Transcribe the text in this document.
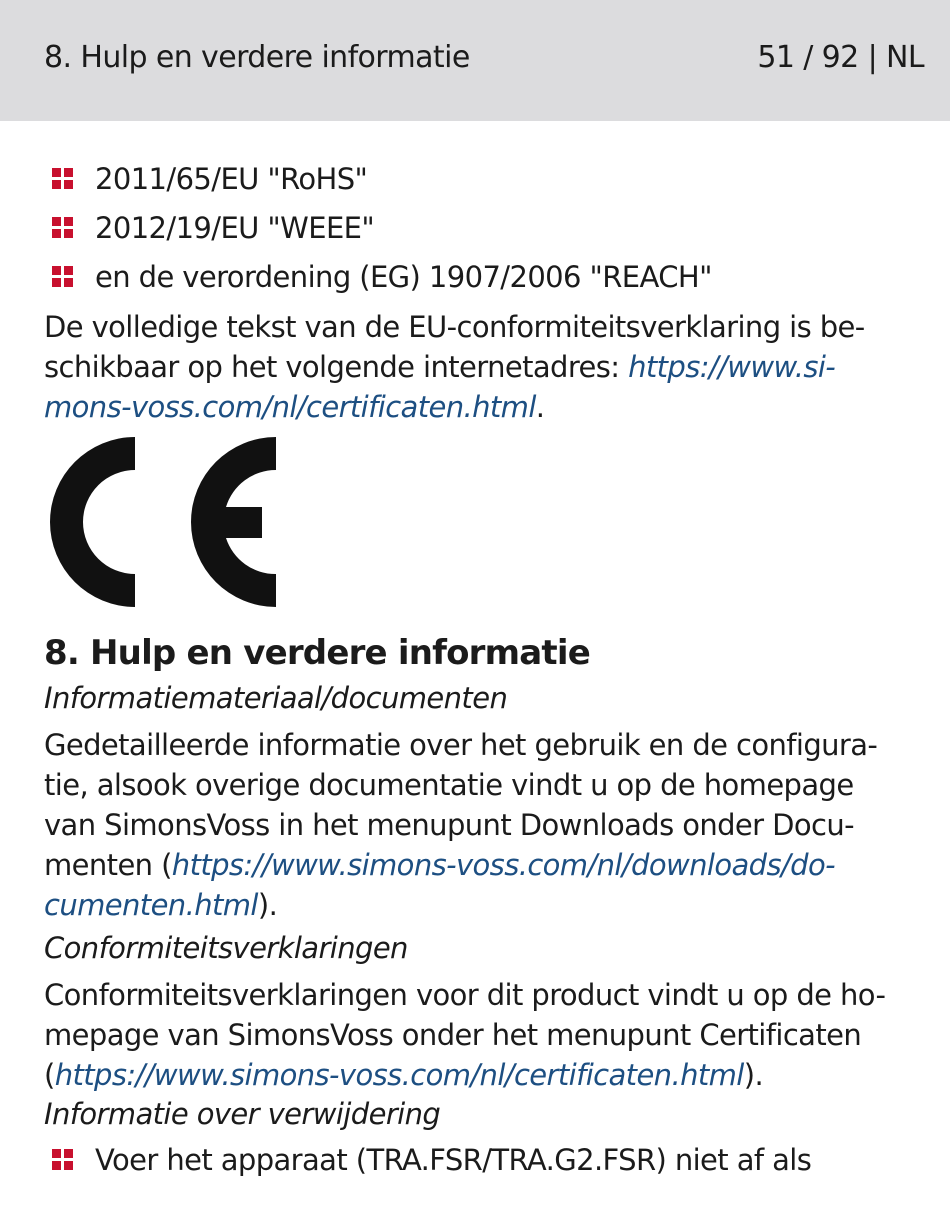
8. Hulp en verdere informatie	51 / 92 | NL
2011/65/EU "RoHS"
2012/19/EU "WEEE"
en de verordening (EG) 1907/2006 "REACH"

De volledige tekst van de EU-conformiteitsverklaring is be-

schikbaar op het volgende internetadres: https://www.si-

mons-voss.com/nl/certificaten.html.

8. Hulp en verdere informatie

Informatiemateriaal/documenten

Gedetailleerde informatie over het gebruik en de configura-

tie, alsook overige documentatie vindt u op de homepage

van SimonsVoss in het menupunt Downloads onder Docu-

menten (https://www.simons-voss.com/nl/downloads/do-

cumenten.html).

Conformiteitsverklaringen

Conformiteitsverklaringen voor dit product vindt u op de ho-

mepage van SimonsVoss onder het menupunt Certificaten

(https://www.simons-voss.com/nl/certificaten.html).

Informatie over verwijdering

Voer het apparaat (TRA.FSR/TRA.G2.FSR) niet af als
